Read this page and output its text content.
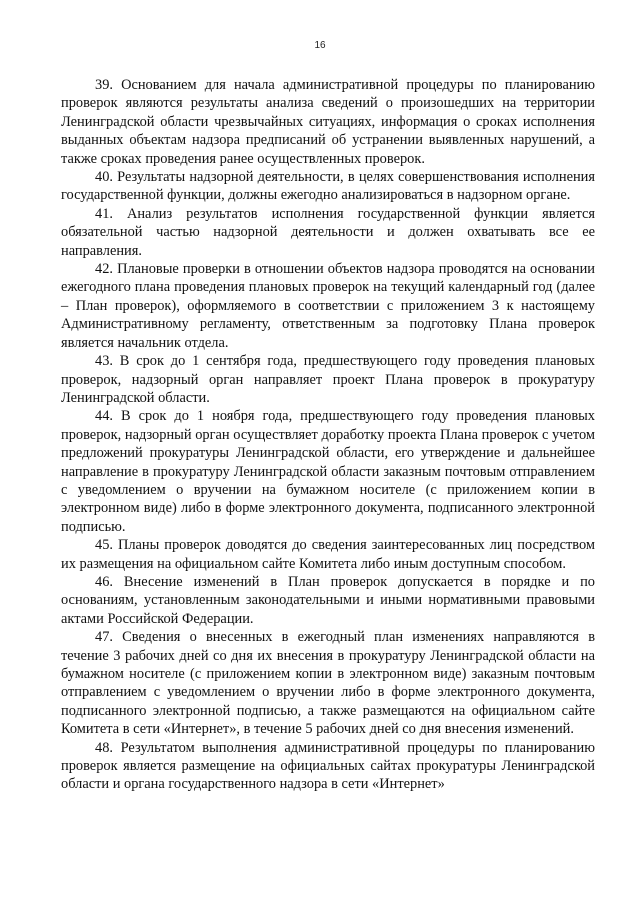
16

39. Основанием для начала административной процедуры по планированию проверок являются результаты анализа сведений о произошедших на территории Ленинградской области чрезвычайных ситуациях, информация о сроках исполнения выданных объектам надзора предписаний об устранении выявленных нарушений, а также сроках проведения ранее осуществленных проверок.

40. Результаты надзорной деятельности, в целях совершенствования исполнения государственной функции, должны ежегодно анализироваться в надзорном органе.

41. Анализ результатов исполнения государственной функции является обязательной частью надзорной деятельности и должен охватывать все ее направления.

42. Плановые проверки в отношении объектов надзора проводятся на основании ежегодного плана проведения плановых проверок на текущий календарный год (далее – План проверок), оформляемого в соответствии с приложением 3 к настоящему Административному регламенту, ответственным за подготовку Плана проверок является начальник отдела.

43. В срок до 1 сентября года, предшествующего году проведения плановых проверок, надзорный орган направляет проект Плана проверок в прокуратуру Ленинградской области.

44. В срок до 1 ноября года, предшествующего году проведения плановых проверок, надзорный орган осуществляет доработку проекта Плана проверок с учетом предложений прокуратуры Ленинградской области, его утверждение и дальнейшее направление в прокуратуру Ленинградской области заказным почтовым отправлением с уведомлением о вручении на бумажном носителе (с приложением копии в электронном виде) либо в форме электронного документа, подписанного электронной подписью.

45. Планы проверок доводятся до сведения заинтересованных лиц посредством их размещения на официальном сайте Комитета либо иным доступным способом.

46. Внесение изменений в План проверок допускается в порядке и по основаниям, установленным законодательными и иными нормативными правовыми актами Российской Федерации.

47. Сведения о внесенных в ежегодный план изменениях направляются в течение 3 рабочих дней со дня их внесения в прокуратуру Ленинградской области на бумажном носителе (с приложением копии в электронном виде) заказным почтовым отправлением с уведомлением о вручении либо в форме электронного документа, подписанного электронной подписью, а также размещаются на официальном сайте Комитета в сети «Интернет», в течение 5 рабочих дней со дня внесения изменений.

48. Результатом выполнения административной процедуры по планированию проверок является размещение на официальных сайтах прокуратуры Ленинградской области и органа государственного надзора в сети «Интернет»
